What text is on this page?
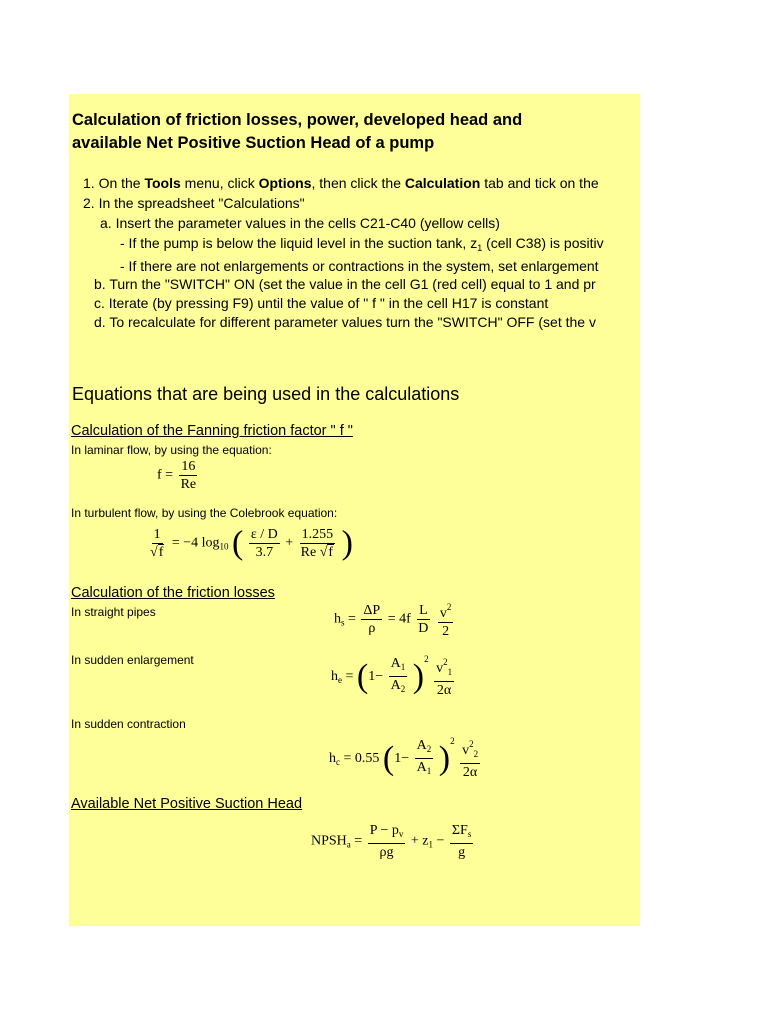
Calculation of friction losses, power, developed head and
available Net Positive Suction Head of a pump
1. On the Tools menu, click Options, then click the Calculation tab and tick on the
2. In the spreadsheet "Calculations"
a. Insert the parameter values in the cells C21-C40 (yellow cells)
- If the pump is below the liquid level in the suction tank, $z_1$ (cell C38) is positiv
- If there are not enlargements or contractions in the system, set enlargement
b. Turn the "SWITCH" ON (set the value in the cell G1 (red cell) equal to 1 and pr
c. Iterate (by pressing F9) until the value of " f " in the cell H17 is constant
d. To recalculate for different parameter values turn the "SWITCH" OFF (set the v
Equations that are being used in the calculations
Calculation of the Fanning friction factor " f "
In laminar flow, by using the equation:
$f = \frac{16}{Re}$
In turbulent flow, by using the Colebrook equation:
$\frac{1}{√f} = -4$ $\log_{10}$ ( $\frac{\varepsilon / D}{3.7} + \frac{1.255}{Re √f}$ )
Calculation of the friction losses
In straight pipes	$h_s = \frac{\Delta P}{\rho} = 4f \frac{L}{D}$
$\frac{v^2}{2}$
In sudden enlargement
$h_e = (1- \frac{A_1}{A_2} )^2 \frac{v^2_1}{2\alpha}$
In sudden contraction
$h_c = 0.55$ $(1- \frac{A_2}{A_1} )^2 \frac{v^2_2}{2\alpha}$
Available Net Positive Suction Head
$NPSH_a = \frac{P - p_v}{\rho g} + z_1 - \frac{\Sigma F_s}{g}$
